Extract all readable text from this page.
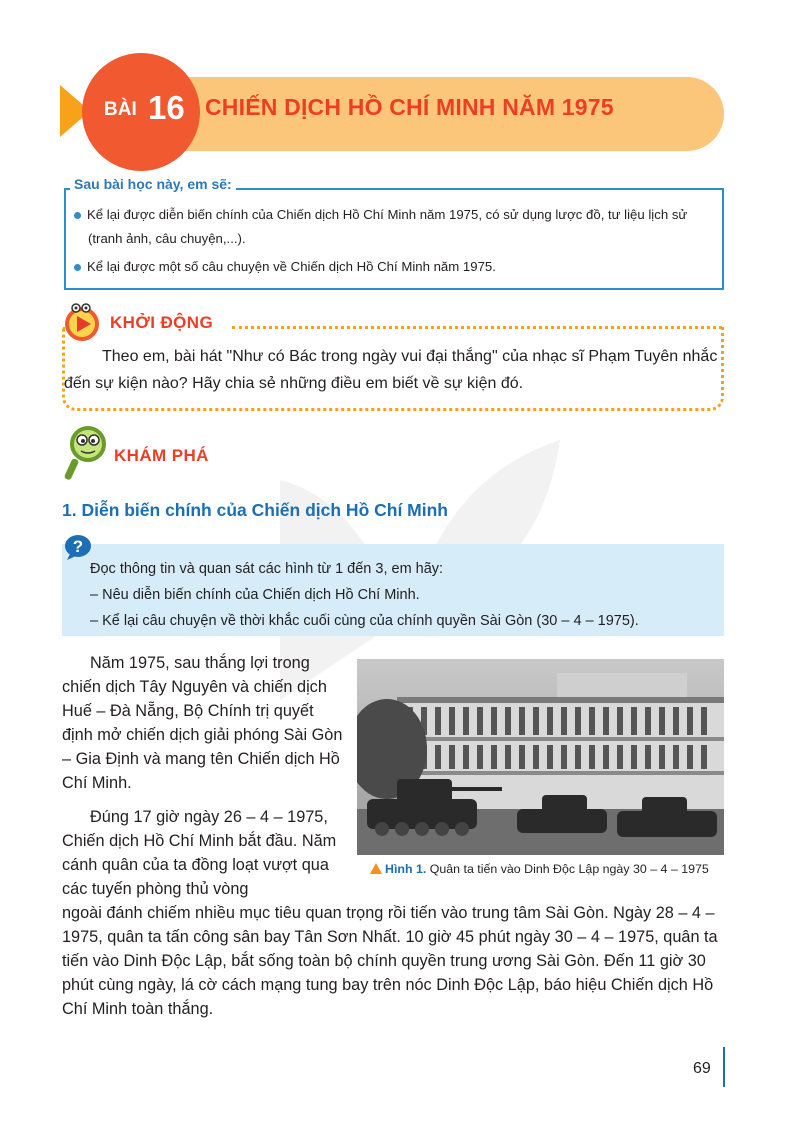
BÀI 16 CHIẾN DỊCH HỒ CHÍ MINH NĂM 1975
Sau bài học này, em sẽ:
Kể lại được diễn biến chính của Chiến dịch Hồ Chí Minh năm 1975, có sử dụng lược đồ, tư liệu lịch sử
(tranh ảnh, câu chuyện,...).
Kể lại được một số câu chuyện về Chiến dịch Hồ Chí Minh năm 1975.
KHỞI ĐỘNG
Theo em, bài hát "Như có Bác trong ngày vui đại thắng" của nhạc sĩ Phạm Tuyên nhắc đến sự kiện nào? Hãy chia sẻ những điều em biết về sự kiện đó.
KHÁM PHÁ
1. Diễn biến chính của Chiến dịch Hồ Chí Minh
?
Đọc thông tin và quan sát các hình từ 1 đến 3, em hãy:
– Nêu diễn biến chính của Chiến dịch Hồ Chí Minh.
– Kể lại câu chuyện về thời khắc cuối cùng của chính quyền Sài Gòn (30 – 4 – 1975).
Năm 1975, sau thắng lợi trong chiến dịch Tây Nguyên và chiến dịch Huế – Đà Nẵng, Bộ Chính trị quyết định mở chiến dịch giải phóng Sài Gòn – Gia Định và mang tên Chiến dịch Hồ Chí Minh.
Đúng 17 giờ ngày 26 – 4 – 1975, Chiến dịch Hồ Chí Minh bắt đầu. Năm cánh quân của ta đồng loạt vượt qua các tuyến phòng thủ vòng
ngoài đánh chiếm nhiều mục tiêu quan trọng rồi tiến vào trung tâm Sài Gòn. Ngày 28 – 4 – 1975, quân ta tấn công sân bay Tân Sơn Nhất. 10 giờ 45 phút ngày 30 – 4 – 1975, quân ta tiến vào Dinh Độc Lập, bắt sống toàn bộ chính quyền trung ương Sài Gòn. Đến 11 giờ 30 phút cùng ngày, lá cờ cách mạng tung bay trên nóc Dinh Độc Lập, báo hiệu Chiến dịch Hồ Chí Minh toàn thắng.
Hình 1. Quân ta tiến vào Dinh Độc Lập ngày 30 – 4 – 1975
69
